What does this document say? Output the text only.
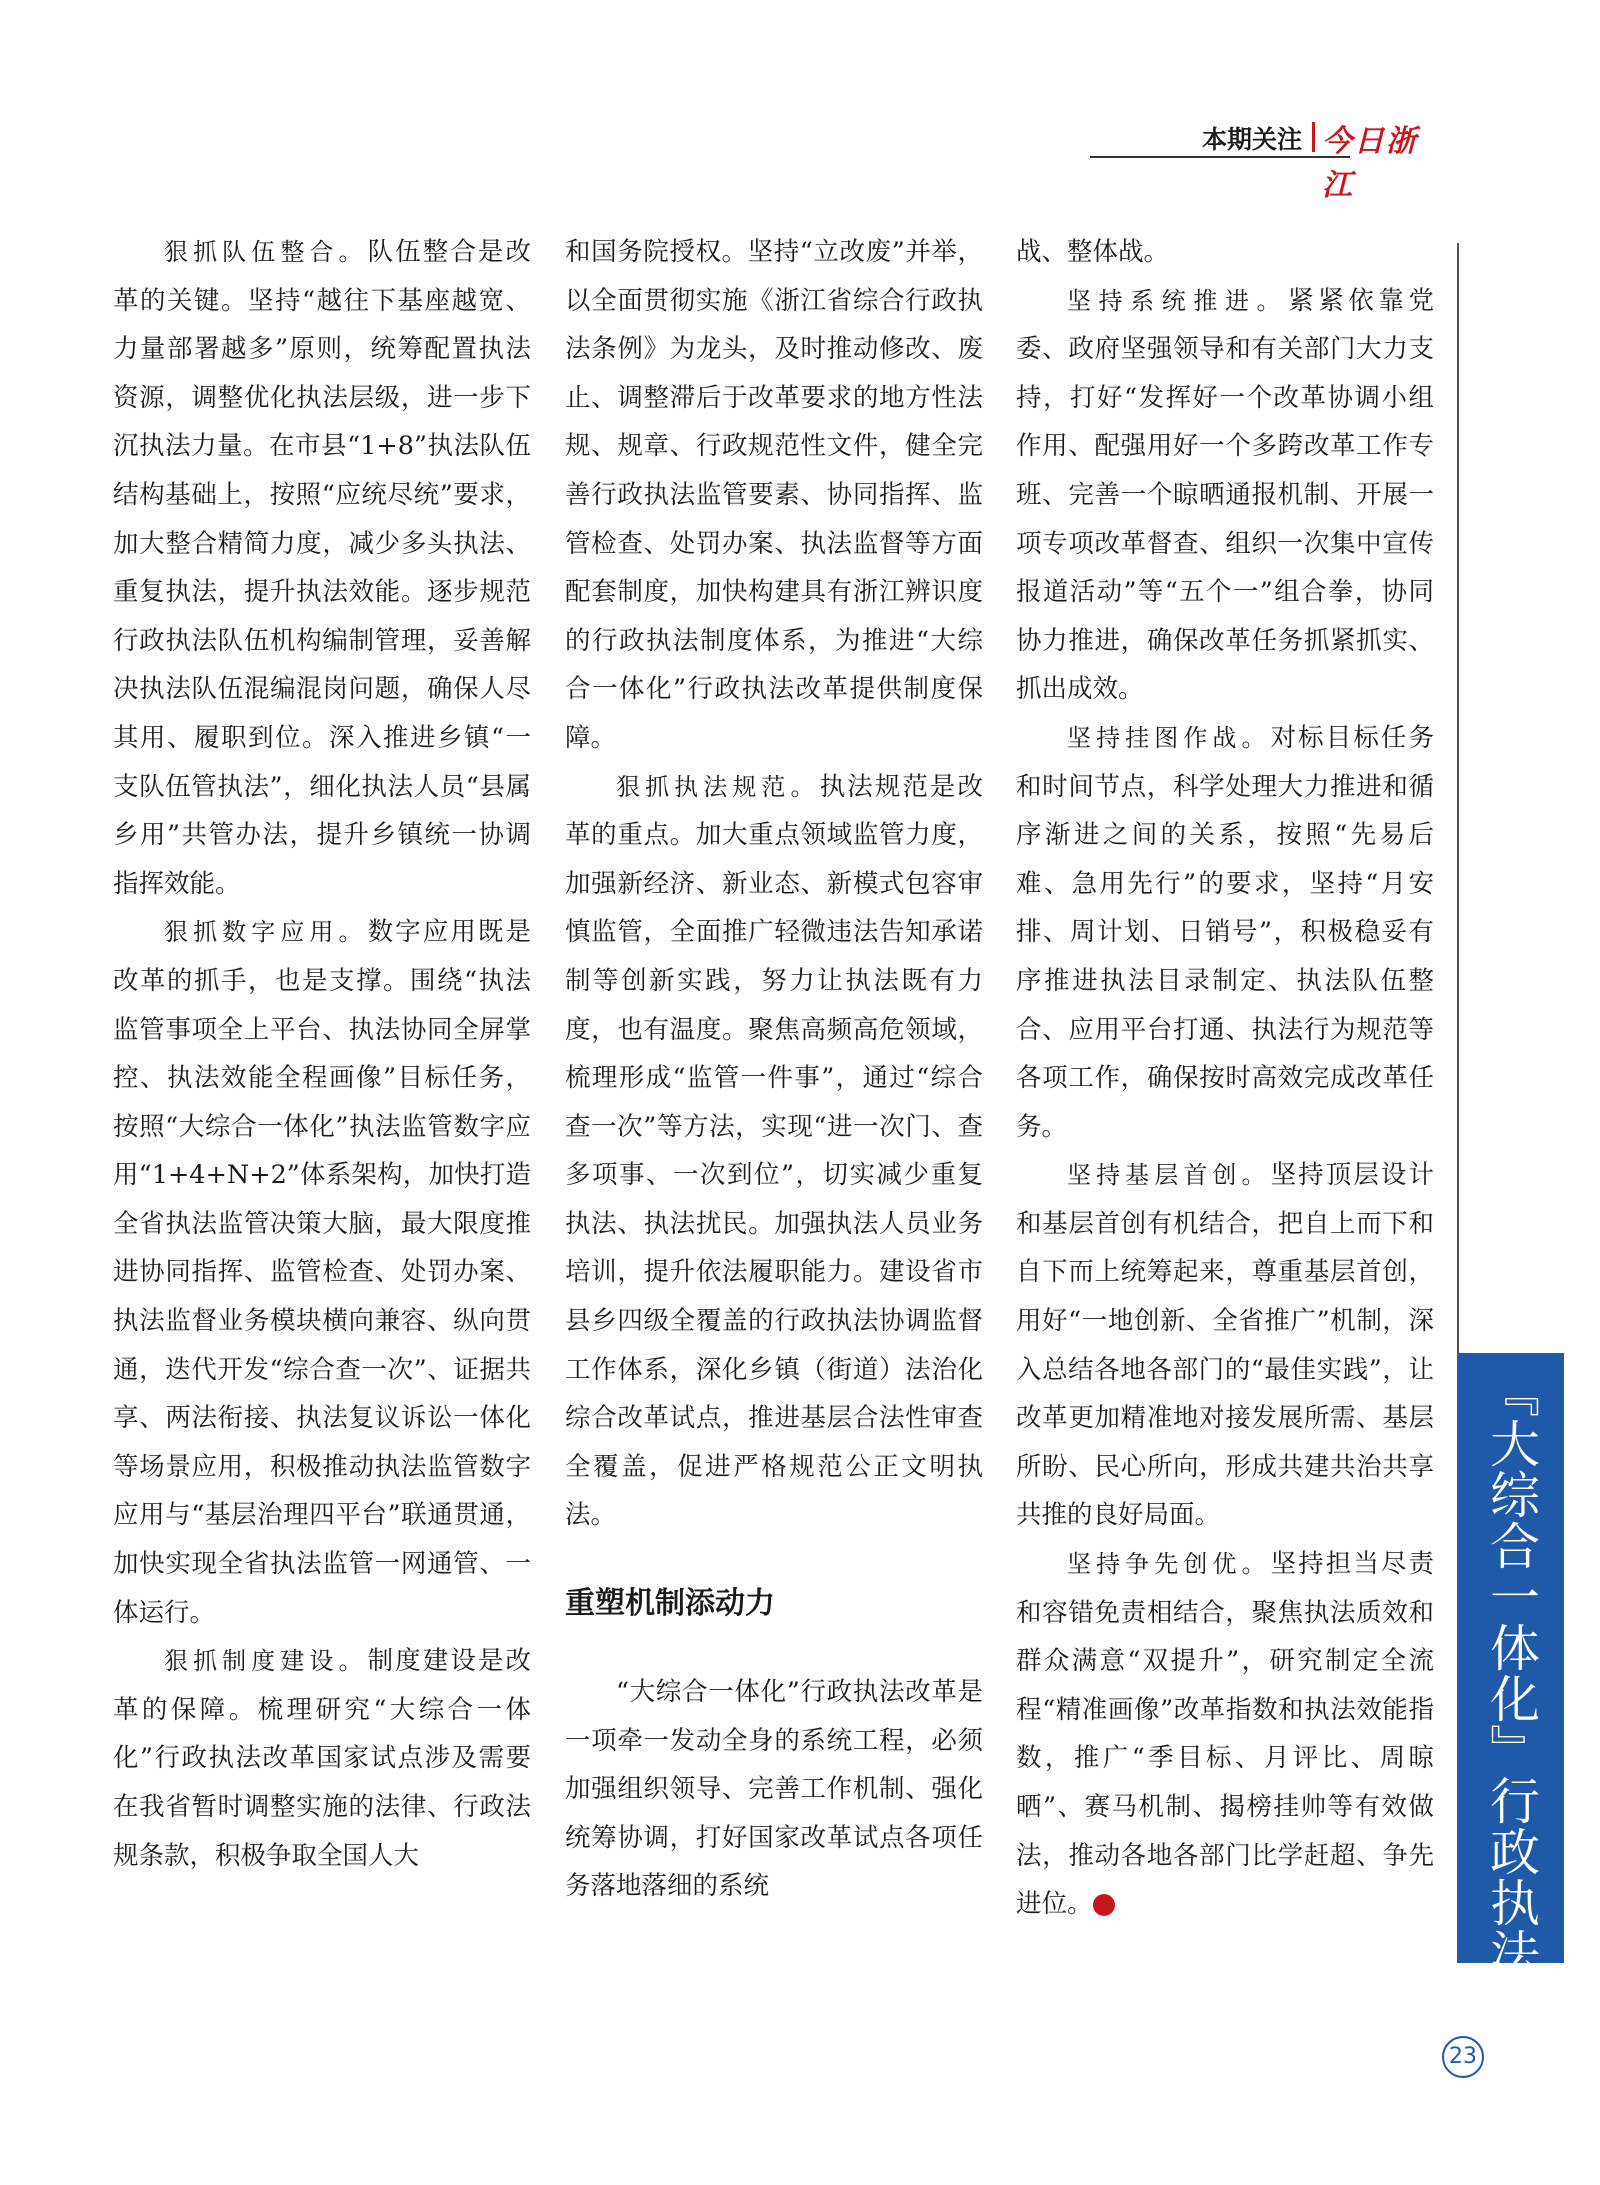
本期关注 今日浙江

狠抓队伍整合。队伍整合是改革的关键。坚持“越往下基座越宽、力量部署越多”原则，统筹配置执法资源，调整优化执法层级，进一步下沉执法力量。在市县“1+8”执法队伍结构基础上，按照“应统尽统”要求，加大整合精简力度，减少多头执法、重复执法，提升执法效能。逐步规范行政执法队伍机构编制管理，妥善解决执法队伍混编混岗问题，确保人尽其用、履职到位。深入推进乡镇“一支队伍管执法”，细化执法人员“县属乡用”共管办法，提升乡镇统一协调指挥效能。

狠抓数字应用。数字应用既是改革的抓手，也是支撑。围绕“执法监管事项全上平台、执法协同全屏掌控、执法效能全程画像”目标任务，按照“大综合一体化”执法监管数字应用“1+4+N+2”体系架构，加快打造全省执法监管决策大脑，最大限度推进协同指挥、监管检查、处罚办案、执法监督业务模块横向兼容、纵向贯通，迭代开发“综合查一次”、证据共享、两法衔接、执法复议诉讼一体化等场景应用，积极推动执法监管数字应用与“基层治理四平台”联通贯通，加快实现全省执法监管一网通管、一体运行。

狠抓制度建设。制度建设是改革的保障。梳理研究“大综合一体化”行政执法改革国家试点涉及需要在我省暂时调整实施的法律、行政法规条款，积极争取全国人大

和国务院授权。坚持“立改废”并举，以全面贯彻实施《浙江省综合行政执法条例》为龙头，及时推动修改、废止、调整滞后于改革要求的地方性法规、规章、行政规范性文件，健全完善行政执法监管要素、协同指挥、监管检查、处罚办案、执法监督等方面配套制度，加快构建具有浙江辨识度的行政执法制度体系，为推进“大综合一体化”行政执法改革提供制度保障。

狠抓执法规范。执法规范是改革的重点。加大重点领域监管力度，加强新经济、新业态、新模式包容审慎监管，全面推广轻微违法告知承诺制等创新实践，努力让执法既有力度，也有温度。聚焦高频高危领域，梳理形成“监管一件事”，通过“综合查一次”等方法，实现“进一次门、查多项事、一次到位”，切实减少重复执法、执法扰民。加强执法人员业务培训，提升依法履职能力。建设省市县乡四级全覆盖的行政执法协调监督工作体系，深化乡镇（街道）法治化综合改革试点，推进基层合法性审查全覆盖，促进严格规范公正文明执法。

重塑机制添动力

“大综合一体化”行政执法改革是一项牵一发动全身的系统工程，必须加强组织领导、完善工作机制、强化统筹协调，打好国家改革试点各项任务落地落细的系统

战、整体战。

坚持系统推进。紧紧依靠党委、政府坚强领导和有关部门大力支持，打好“发挥好一个改革协调小组作用、配强用好一个多跨改革工作专班、完善一个晾晒通报机制、开展一项专项改革督查、组织一次集中宣传报道活动”等“五个一”组合拳，协同协力推进，确保改革任务抓紧抓实、抓出成效。

坚持挂图作战。对标目标任务和时间节点，科学处理大力推进和循序渐进之间的关系，按照“先易后难、急用先行”的要求，坚持“月安排、周计划、日销号”，积极稳妥有序推进执法目录制定、执法队伍整合、应用平台打通、执法行为规范等各项工作，确保按时高效完成改革任务。

坚持基层首创。坚持顶层设计和基层首创有机结合，把自上而下和自下而上统筹起来，尊重基层首创，用好“一地创新、全省推广”机制，深入总结各地各部门的“最佳实践”，让改革更加精准地对接发展所需、基层所盼、民心所向，形成共建共治共享共推的良好局面。

坚持争先创优。坚持担当尽责和容错免责相结合，聚焦执法质效和群众满意“双提升”，研究制定全流程“精准画像”改革指数和执法效能指数，推广“季目标、月评比、周晾晒”、赛马机制、揭榜挂帅等有效做法，推动各地各部门比学赶超、争先进位。	今	『大综合一体化』行政执法改革
23
